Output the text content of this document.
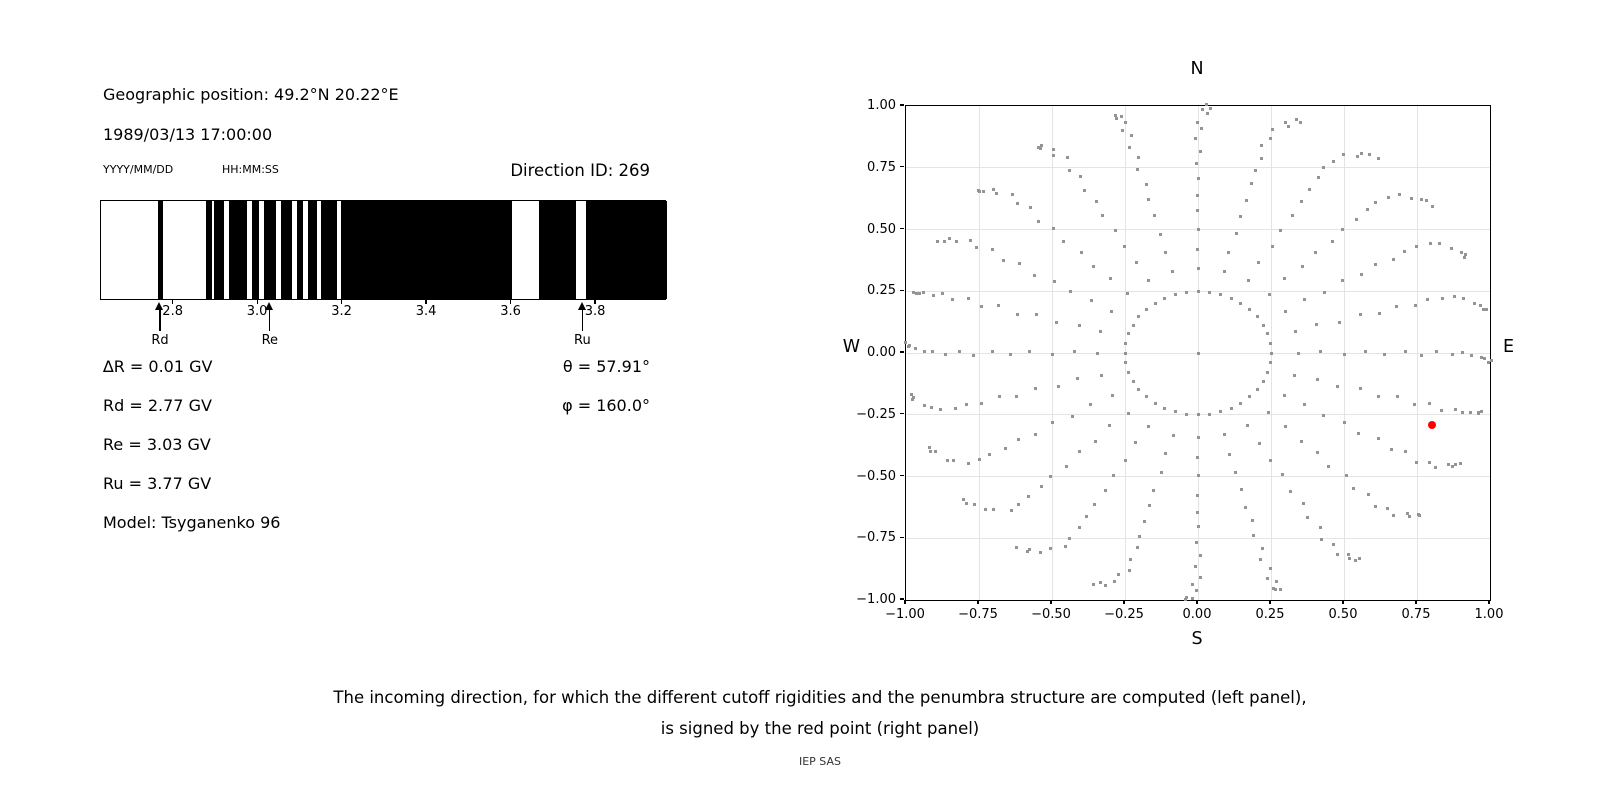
Geographic position: 49.2°N 20.22°E
1989/03/13 17:00:00
YYYY/MM/DD	HH:MM:SS	Direction ID: 269
2.8	3.0	3.2	3.4	3.6	3.8
Rd	Re	Ru
∆R = 0.01 GV
Rd = 2.77 GV
Re = 3.03 GV
Ru = 3.77 GV
Model: Tsyganenko 96
θ = 57.91°
φ = 160.0°
N
S
W	E
−1.00	−0.75	−0.50	−0.25	0.00	0.25	0.50	0.75	1.00
1.00
0.75
0.50
0.25
0.00
−0.25
−0.50
−0.75
−1.00
The incoming direction, for which the different cutoff rigidities and the penumbra structure are computed (left panel),
is signed by the red point (right panel)
IEP SAS
